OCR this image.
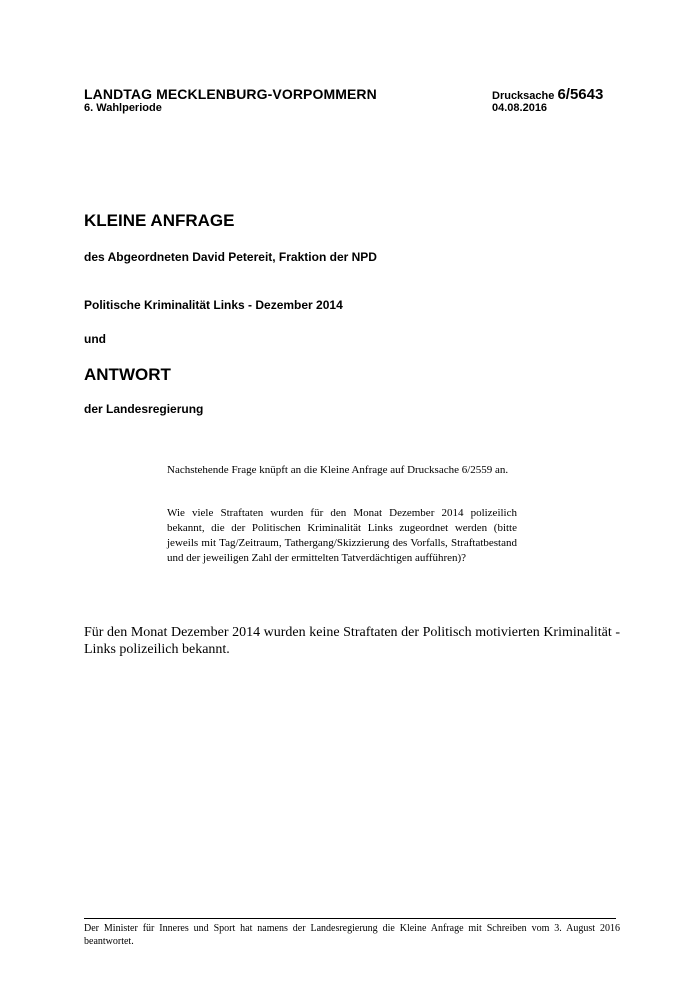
LANDTAG MECKLENBURG-VORPOMMERN
6. Wahlperiode
Drucksache 6/5643
04.08.2016
KLEINE ANFRAGE
des Abgeordneten David Petereit, Fraktion der NPD
Politische Kriminalität Links - Dezember 2014
und
ANTWORT
der Landesregierung

Nachstehende Frage knüpft an die Kleine Anfrage auf Drucksache 6/2559 an.

Wie viele Straftaten wurden für den Monat Dezember 2014 polizeilich bekannt, die der Politischen Kriminalität Links zugeordnet werden (bitte jeweils mit Tag/Zeitraum, Tathergang/Skizzierung des Vorfalls, Straftatbestand und der jeweiligen Zahl der ermittelten Tatverdächtigen aufführen)?

Für den Monat Dezember 2014 wurden keine Straftaten der Politisch motivierten Kriminalität - Links polizeilich bekannt.

Der Minister für Inneres und Sport hat namens der Landesregierung die Kleine Anfrage mit Schreiben vom 3. August 2016 beantwortet.
